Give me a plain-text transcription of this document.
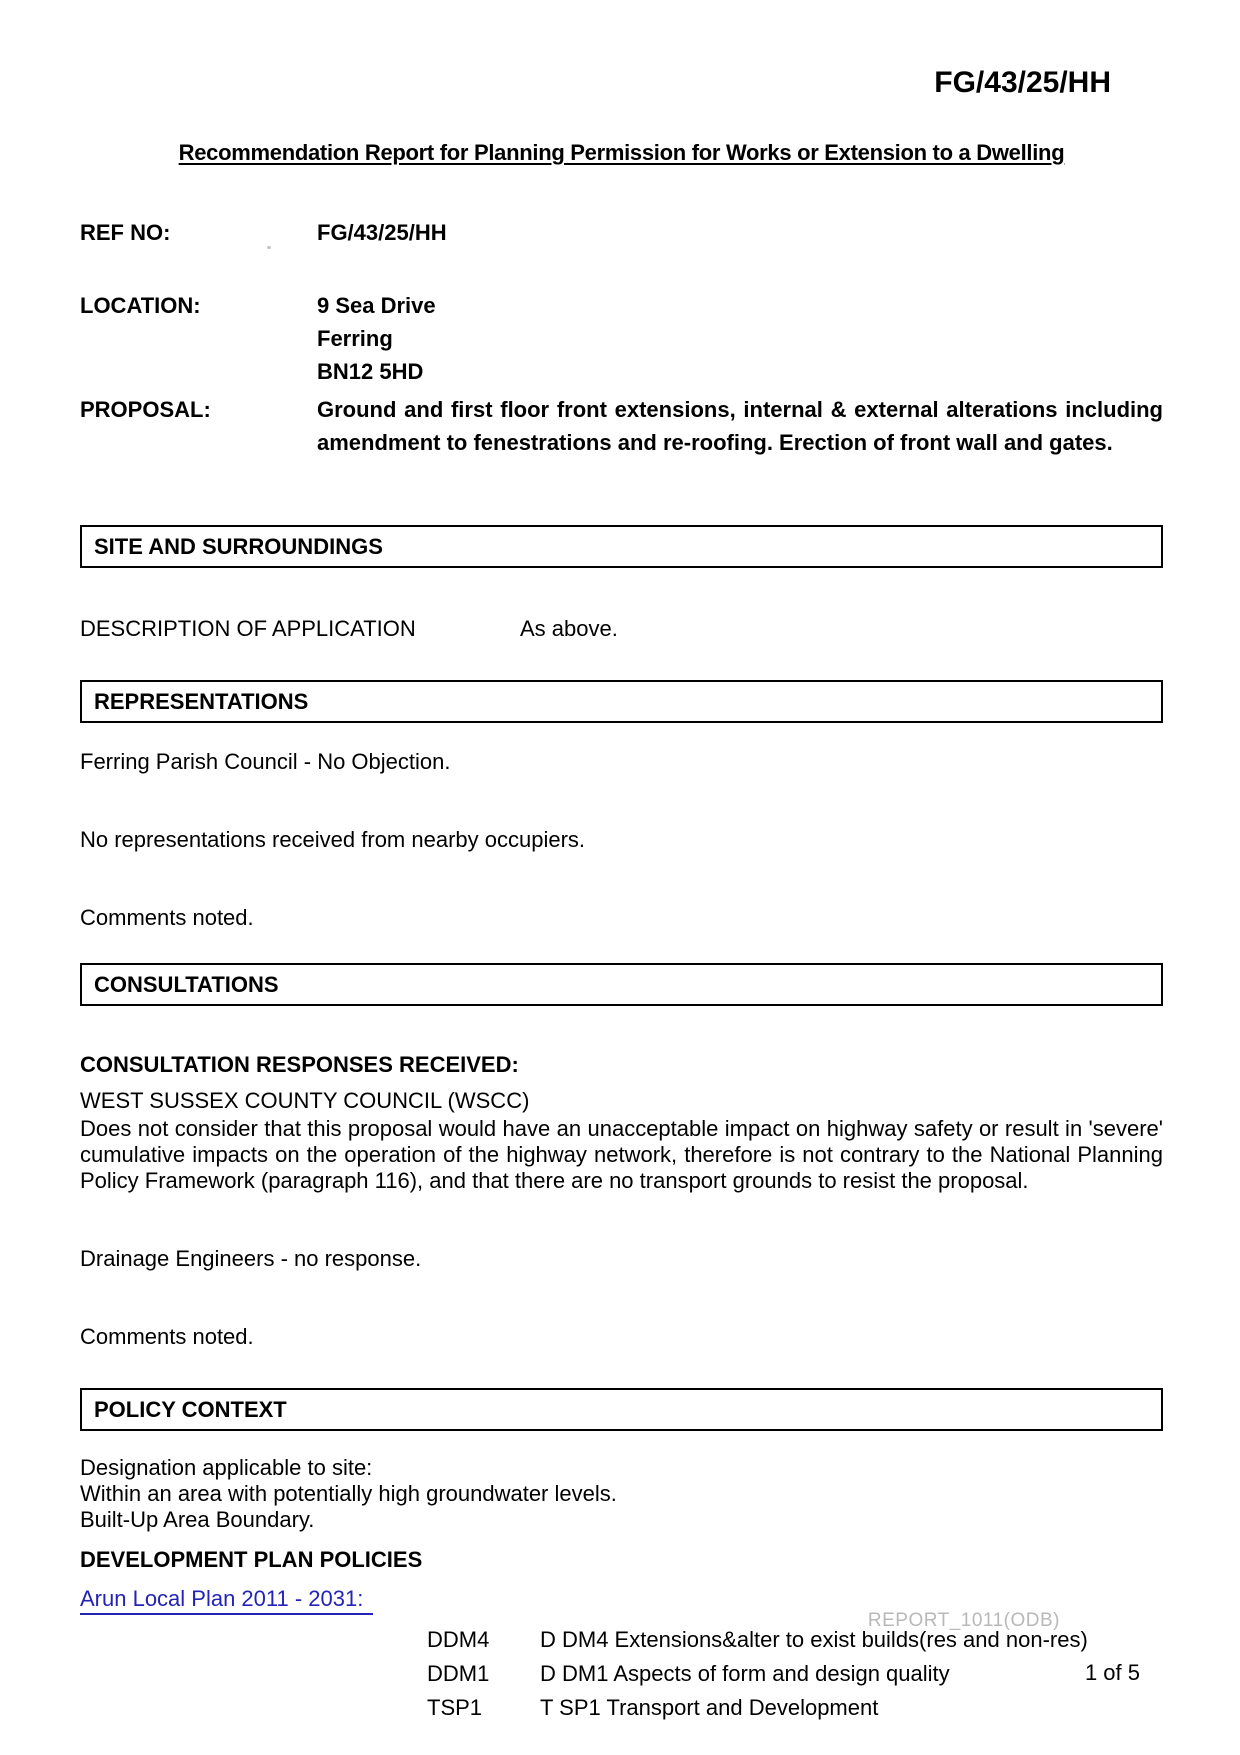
FG/43/25/HH
Recommendation Report for Planning Permission for Works or Extension to a Dwelling
REF NO:	FG/43/25/HH
LOCATION:	9 Sea Drive
Ferring
BN12 5HD
PROPOSAL:	Ground and first floor front extensions, internal & external alterations including amendment to fenestrations and re-roofing. Erection of front wall and gates.
SITE AND SURROUNDINGS
DESCRIPTION OF APPLICATION	As above.
REPRESENTATIONS
Ferring Parish Council - No Objection.
No representations received from nearby occupiers.
Comments noted.
CONSULTATIONS
CONSULTATION RESPONSES RECEIVED:
WEST SUSSEX COUNTY COUNCIL (WSCC)
Does not consider that this proposal would have an unacceptable impact on highway safety or result in 'severe' cumulative impacts on the operation of the highway network, therefore is not contrary to the National Planning Policy Framework (paragraph 116), and that there are no transport grounds to resist the proposal.
Drainage Engineers - no response.
Comments noted.
POLICY CONTEXT
Designation applicable to site:
Within an area with potentially high groundwater levels.
Built-Up Area Boundary.
DEVELOPMENT PLAN POLICIES
Arun Local Plan 2011 - 2031:
DDM4	D DM4 Extensions&alter to exist builds(res and non-res)
DDM1	D DM1 Aspects of form and design quality
TSP1	T SP1 Transport and Development
REPORT_1011(ODB)
1 of 5
